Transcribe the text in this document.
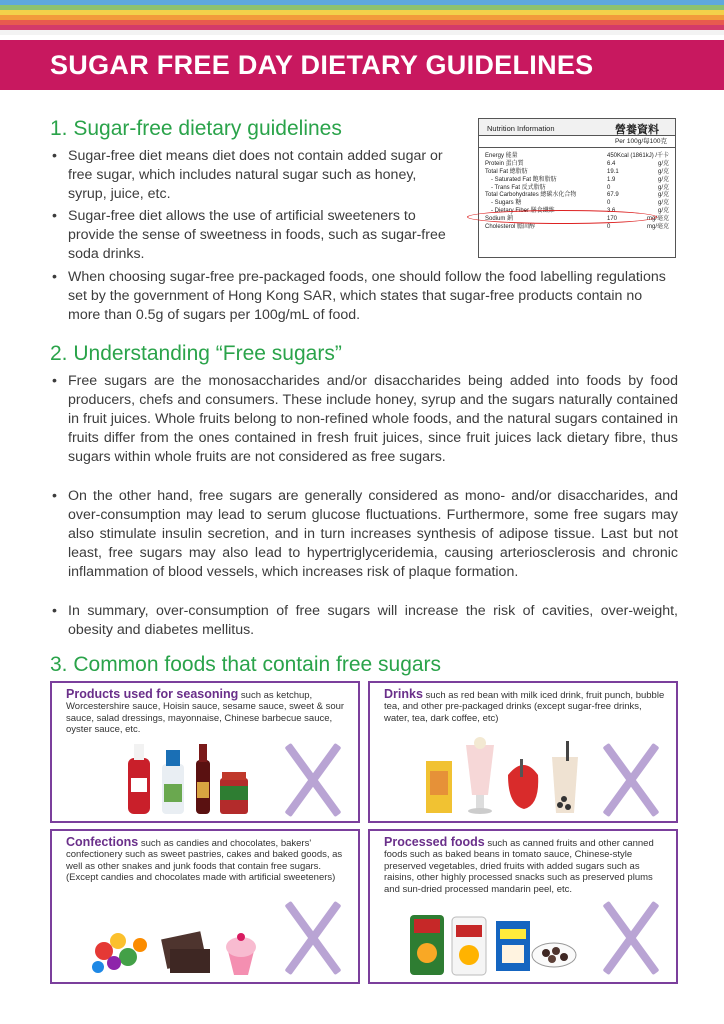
SUGAR FREE DAY DIETARY GUIDELINES
1. Sugar-free dietary guidelines
• Sugar-free diet means diet does not contain added sugar or free sugar, which includes natural sugar such as honey, syrup, juice, etc.
• Sugar-free diet allows the use of artificial sweeteners to provide the sense of sweetness in foods, such as sugar-free soda drinks.
• When choosing sugar-free pre-packaged foods, one should follow the food labelling regulations set by the government of Hong Kong SAR, which states that sugar-free products contain no more than 0.5g of sugars per 100g/mL of food.
Nutrition Information	營養資料
Per 100g/每100克
Energy 能量	450Kcal (1861kJ) /千卡
Protein 蛋白質	6.4	g/克
Total Fat 總脂肪	19.1	g/克
- Saturated Fat 飽和脂肪	1.9	g/克
- Trans Fat 反式脂肪	0	g/克
Total Carbohydrates 總碳水化合物	67.9	g/克
- Sugars 糖	0	g/克
- Dietary Fiber 膳食纖維	3.6	g/克
Sodium 鈉	170	mg/毫克
Cholesterol 膽固醇	0	mg/毫克
2. Understanding “Free sugars”
• Free sugars are the monosaccharides and/or disaccharides being added into foods by food producers, chefs and consumers. These include honey, syrup and the sugars naturally contained in fruit juices. Whole fruits belong to non-refined whole foods, and the natural sugars contained in fruits differ from the ones contained in fresh fruit juices, since fruit juices lack dietary fibre, thus sugars within whole fruits are not considered as free sugars.
• On the other hand, free sugars are generally considered as mono- and/or disaccharides, and over-consumption may lead to serum glucose fluctuations. Furthermore, some free sugars may also stimulate insulin secretion, and in turn increases synthesis of adipose tissue. Last but not least, free sugars may also lead to hypertriglyceridemia, causing arteriosclerosis and chronic inflammation of blood vessels, which increases risk of plaque formation.
• In summary, over-consumption of free sugars will increase the risk of cavities, over-weight, obesity and diabetes mellitus.
3. Common foods that contain free sugars
Products used for seasoning such as ketchup, Worcestershire sauce, Hoisin sauce, sesame sauce, sweet & sour sauce, salad dressings, mayonnaise, Chinese barbecue sauce, oyster sauce, etc.
Drinks such as red bean with milk iced drink, fruit punch, bubble tea, and other pre-packaged drinks (except sugar-free drinks, water, tea, dark coffee, etc)
Confections such as candies and chocolates, bakers' confectionery such as sweet pastries, cakes and baked goods, as well as other snakes and junk foods that contain free sugars. (Except candies and chocolates made with artificial sweeteners)
Processed foods such as canned fruits and other canned foods such as baked beans in tomato sauce, Chinese-style preserved vegetables, dried fruits with added sugars such as raisins, other highly processed snacks such as preserved plums and sun-dried processed mandarin peel, etc.
